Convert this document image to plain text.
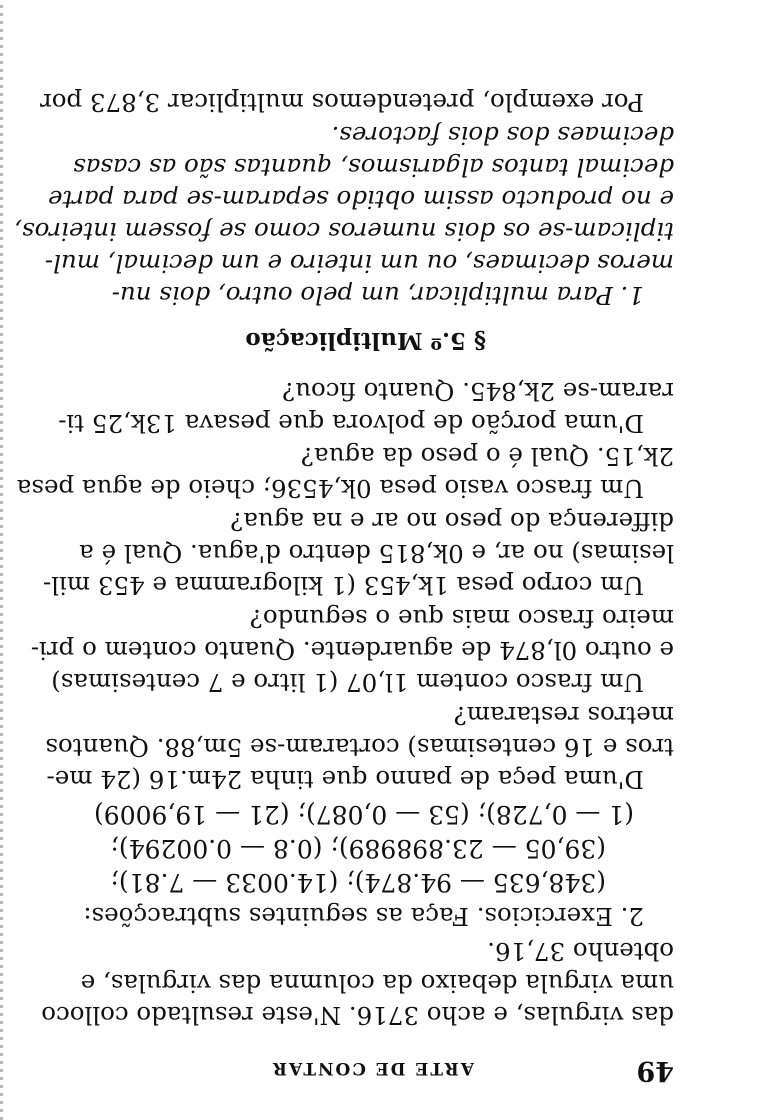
49
ARTE DE CONTAR
das virgulas, e acho 3716. N'este resultado colloco
uma virgula debaixo da columna das virgulas, e
obtenho 37,16.
2. Exercicios. Faça as seguintes subtracções:
(348,635 — 94.874); (14.0033 — 7.81);
(39,05 — 23.898989); (0.8 — 0.00294);
(1 — 0,728); (53 — 0,087); (21 — 19,9009)
D'uma peça de panno que tinha 24m.16 (24 me-
tros e 16 centesimas) cortaram-se 5m,88. Quantos
metros restaram?
Um frasco contem 1l,07 (1 litro e 7 centesimas)
e outro 0l,874 de aguardente. Quanto contem o pri-
meiro frasco mais que o segundo?
Um corpo pesa 1k,453 (1 kilogramma e 453 mil-
lesimas) no ar, e 0k,815 dentro d'agua. Qual é a
differença do peso no ar e na agua?
Um frasco vasio pesa 0k,4536; cheio de agua pesa
2k,15. Qual é o peso da agua?
D'uma porção de polvora que pesava 13k,25 ti-
raram-se 2k,845. Quanto ficou?
§ 5.º Multiplicação
1. Para multiplicar, um pelo outro, dois nu-
meros decimaes, ou um inteiro e um decimal, mul-
tiplicam-se os dois numeros como se fossem inteiros,
e no producto assim obtido separam-se para parte
decimal tantos algarismos, quantas são as casas
decimaes dos dois factores.
Por exemplo, pretendemos multiplicar 3,873 por
